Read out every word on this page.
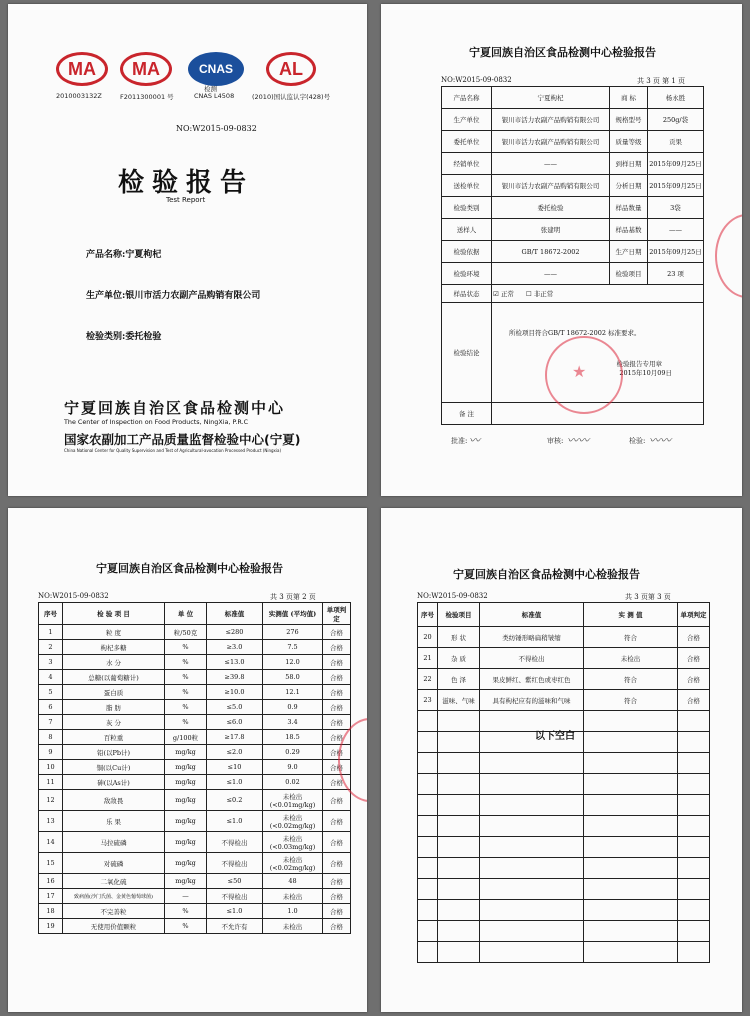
MA
2010003132Z
MA
F2011300001 号
CNAS
检测
CNAS L4508
AL
(2010)国认监认字(428)号
NO:W2015-09-0832
检验报告
Test Report
产品名称:宁夏枸杞
生产单位:银川市活力农副产品购销有限公司
检验类别:委托检验
宁夏回族自治区食品检测中心
The Center of Inspection on Food Products, NingXia, P.R.C
国家农副加工产品质量监督检验中心(宁夏)
China National Center for Quality Supervision and Test of Agricultural-avocation Processed Product (Ningxia)
宁夏回族自治区食品检测中心检验报告
NO:W2015-09-0832	共 3 页 第 1 页
产品名称	宁夏枸杞	商 标	杨永胜
生产单位	银川市活力农副产品购销有限公司	规格型号	250g/袋
委托单位	银川市活力农副产品购销有限公司	质量等级	贡果
经销单位	——	到样日期	2015年09月25日
送检单位	银川市活力农副产品购销有限公司	分析日期	2015年09月25日
检验类别	委托检验	样品数量	3袋
送样人	张建明	样品基数	——
检验依据	GB/T 18672-2002	生产日期	2015年09月25日
检验环境	——	检验项目	23 项
样品状态	☑ 正常 ☐ 非正常		
检验结论	所检项目符合GB/T 18672-2002 标准要求。
检验报告专用章
2015年10月09日		

备 注			
批准: 〰	审核: 〰〰	检验: 〰〰
★
宁夏回族自治区食品检测中心检验报告
NO:W2015-09-0832	共 3 页第 2 页
序号	检 验 项 目	单 位	标准值	实测值 (平均值)	单项判定
1	粒 度	粒/50克	≤280	276	合格
2	枸杞多糖	%	≥3.0	7.5	合格
3	水 分	%	≤13.0	12.0	合格
4	总糖(以葡萄糖计)	%	≥39.8	58.0	合格
5	蛋白质	%	≥10.0	12.1	合格
6	脂 肪	%	≤5.0	0.9	合格
7	灰 分	%	≤6.0	3.4	合格
8	百粒重	g/100粒	≥17.8	18.5	合格
9	铅(以Pb计)	mg/kg	≤2.0	0.29	合格
10	铜(以Cu计)	mg/kg	≤10	9.0	合格
11	砷(以As计)	mg/kg	≤1.0	0.02	合格
12	敌敌畏	mg/kg	≤0.2	未检出 (<0.01mg/kg)	合格
13	乐 果	mg/kg	≤1.0	未检出 (<0.02mg/kg)	合格
14	马拉硫磷	mg/kg	不得检出	未检出 (<0.03mg/kg)	合格
15	对硫磷	mg/kg	不得检出	未检出 (<0.02mg/kg)	合格
16	二氧化硫	mg/kg	≤50	48	合格
17	致病菌(沙门氏菌、金黄色葡萄球菌)	—	不得检出	未检出	合格
18	不完善粒	%	≤1.0	1.0	合格
19	无使用价值颗粒	%	不允许有	未检出	合格
宁夏回族自治区食品检测中心检验报告
NO:W2015-09-0832	共 3 页第 3 页
序号	检验项目	标准值	实 测 值	单项判定
20	形 状	类纺锤形略扁稍皱缩	符合	合格
21	杂 质	不得检出	未检出	合格
22	色 泽	果皮鲜红、紫红色或枣红色	符合	合格
23	滋味、气味	具有枸杞应有的滋味和气味	符合	合格

以下空白
